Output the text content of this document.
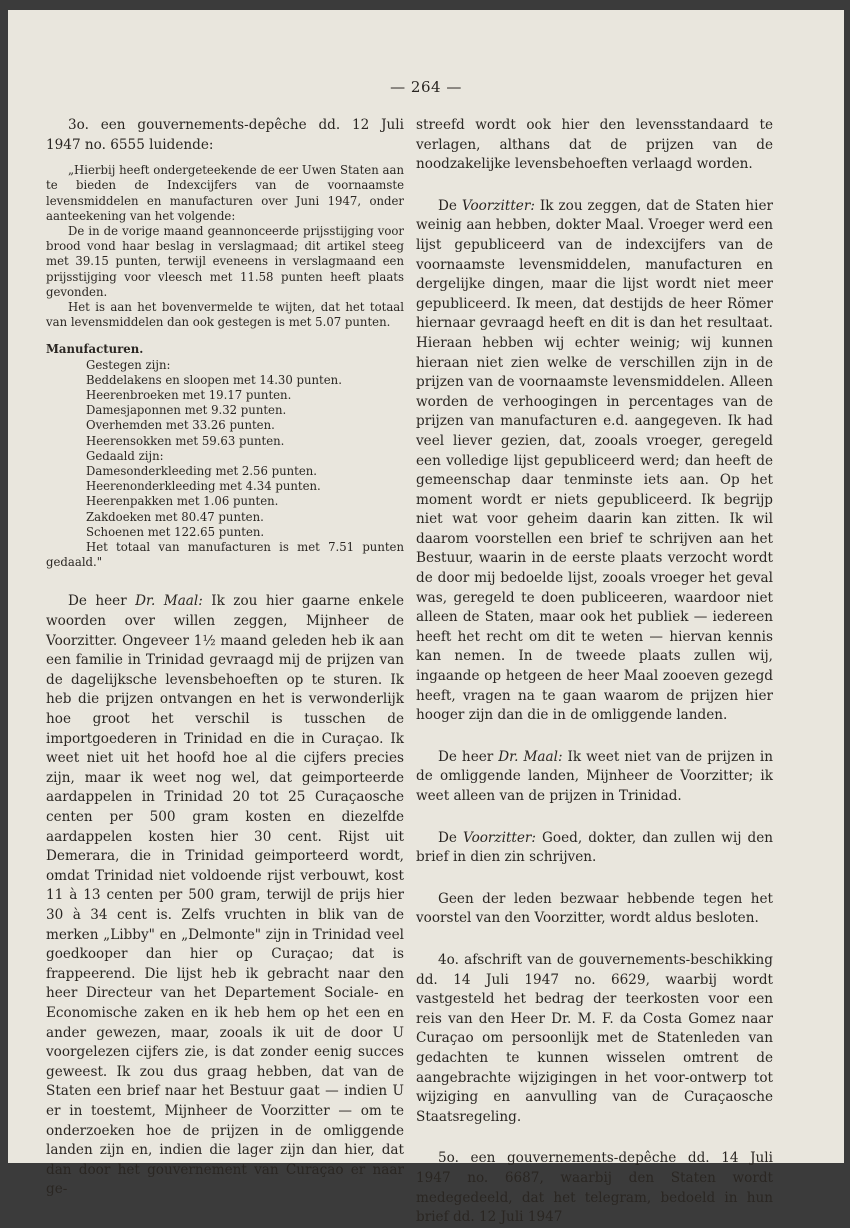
— 264 —

3o. een gouvernements-depêche dd. 12 Juli 1947 no. 6555 luidende:

„Hierbij heeft ondergeteekende de eer Uwen Staten aan te bieden de Indexcijfers van de voornaamste levensmiddelen en manufacturen over Juni 1947, onder aanteekening van het volgende:

De in de vorige maand geannonceerde prijsstijging voor brood vond haar beslag in verslagmaad; dit artikel steeg met 39.15 punten, terwijl eveneens in verslagmaand een prijsstijging voor vleesch met 11.58 punten heeft plaats gevonden.

Het is aan het bovenvermelde te wijten, dat het totaal van levensmiddelen dan ook gestegen is met 5.07 punten.

Manufacturen.
Gestegen zijn:
Beddelakens en sloopen met 14.30 punten.
Heerenbroeken met 19.17 punten.
Damesjaponnen met 9.32 punten.
Overhemden met 33.26 punten.
Heerensokken met 59.63 punten.
Gedaald zijn:
Damesonderkleeding met 2.56 punten.
Heerenonderkleeding met 4.34 punten.
Heerenpakken met 1.06 punten.
Zakdoeken met 80.47 punten.
Schoenen met 122.65 punten.

Het totaal van manufacturen is met 7.51 punten gedaald."

De heer Dr. Maal: Ik zou hier gaarne enkele woorden over willen zeggen, Mijnheer de Voorzitter. Ongeveer 1½ maand geleden heb ik aan een familie in Trinidad gevraagd mij de prijzen van de dagelijksche levensbehoeften op te sturen. Ik heb die prijzen ontvangen en het is verwonderlijk hoe groot het verschil is tusschen de importgoederen in Trinidad en die in Curaçao. Ik weet niet uit het hoofd hoe al die cijfers precies zijn, maar ik weet nog wel, dat geimporteerde aardappelen in Trinidad 20 tot 25 Curaçaosche centen per 500 gram kosten en diezelfde aardappelen kosten hier 30 cent. Rijst uit Demerara, die in Trinidad geimporteerd wordt, omdat Trinidad niet voldoende rijst verbouwt, kost 11 à 13 centen per 500 gram, terwijl de prijs hier 30 à 34 cent is. Zelfs vruchten in blik van de merken „Libby" en „Delmonte" zijn in Trinidad veel goedkooper dan hier op Curaçao; dat is frappeerend. Die lijst heb ik gebracht naar den heer Directeur van het Departement Sociale- en Economische zaken en ik heb hem op het een en ander gewezen, maar, zooals ik uit de door U voorgelezen cijfers zie, is dat zonder eenig succes geweest. Ik zou dus graag hebben, dat van de Staten een brief naar het Bestuur gaat — indien U er in toestemt, Mijnheer de Voorzitter — om te onderzoeken hoe de prijzen in de omliggende landen zijn en, indien die lager zijn dan hier, dat dan door het gouvernement van Curaçao er naar ge-

streefd wordt ook hier den levensstandaard te verlagen, althans dat de prijzen van de noodzakelijke levensbehoeften verlaagd worden.

De Voorzitter: Ik zou zeggen, dat de Staten hier weinig aan hebben, dokter Maal. Vroeger werd een lijst gepubliceerd van de indexcijfers van de voornaamste levensmiddelen, manufacturen en dergelijke dingen, maar die lijst wordt niet meer gepubliceerd. Ik meen, dat destijds de heer Römer hiernaar gevraagd heeft en dit is dan het resultaat. Hieraan hebben wij echter weinig; wij kunnen hieraan niet zien welke de verschillen zijn in de prijzen van de voornaamste levensmiddelen. Alleen worden de verhoogingen in percentages van de prijzen van manufacturen e.d. aangegeven. Ik had veel liever gezien, dat, zooals vroeger, geregeld een volledige lijst gepubliceerd werd; dan heeft de gemeenschap daar tenminste iets aan. Op het moment wordt er niets gepubliceerd. Ik begrijp niet wat voor geheim daarin kan zitten. Ik wil daarom voorstellen een brief te schrijven aan het Bestuur, waarin in de eerste plaats verzocht wordt de door mij bedoelde lijst, zooals vroeger het geval was, geregeld te doen publiceeren, waardoor niet alleen de Staten, maar ook het publiek — iedereen heeft het recht om dit te weten — hiervan kennis kan nemen. In de tweede plaats zullen wij, ingaande op hetgeen de heer Maal zooeven gezegd heeft, vragen na te gaan waarom de prijzen hier hooger zijn dan die in de omliggende landen.

De heer Dr. Maal: Ik weet niet van de prijzen in de omliggende landen, Mijnheer de Voorzitter; ik weet alleen van de prijzen in Trinidad.

De Voorzitter: Goed, dokter, dan zullen wij den brief in dien zin schrijven.

Geen der leden bezwaar hebbende tegen het voorstel van den Voorzitter, wordt aldus besloten.

4o. afschrift van de gouvernements-beschikking dd. 14 Juli 1947 no. 6629, waarbij wordt vastgesteld het bedrag der teerkosten voor een reis van den Heer Dr. M. F. da Costa Gomez naar Curaçao om persoonlijk met de Statenleden van gedachten te kunnen wisselen omtrent de aangebrachte wijzigingen in het voor-ontwerp tot wijziging en aanvulling van de Curaçaosche Staatsregeling.

5o. een gouvernements-depêche dd. 14 Juli 1947 no. 6687, waarbij den Staten wordt medegedeeld, dat het telegram, bedoeld in hun brief dd. 12 Juli 1947
